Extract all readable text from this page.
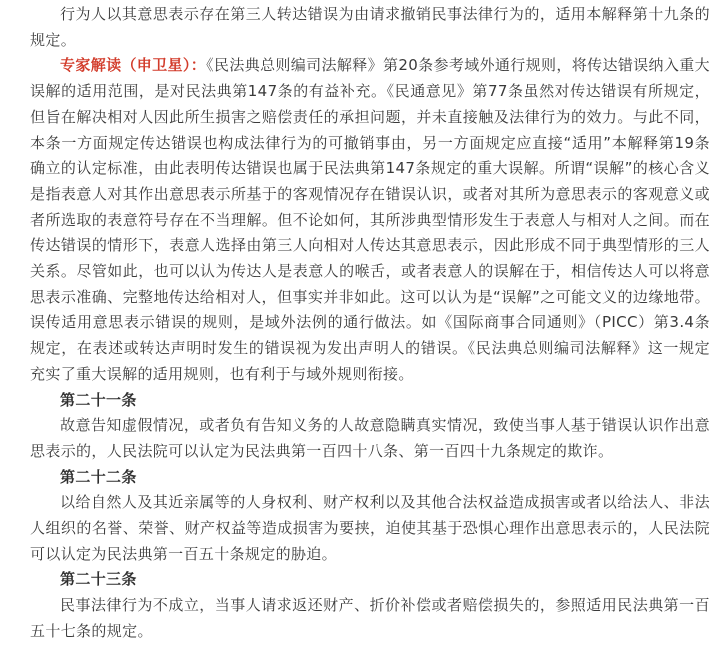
行为人以其意思表示存在第三人转达错误为由请求撤销民事法律行为的，适用本解释第十九条的规定。

专家解读（申卫星）：《民法典总则编司法解释》第20条参考域外通行规则，将传达错误纳入重大误解的适用范围，是对民法典第147条的有益补充。《民通意见》第77条虽然对传达错误有所规定，但旨在解决相对人因此所生损害之赔偿责任的承担问题，并未直接触及法律行为的效力。与此不同，本条一方面规定传达错误也构成法律行为的可撤销事由，另一方面规定应直接“适用”本解释第19条确立的认定标准，由此表明传达错误也属于民法典第147条规定的重大误解。所谓“误解”的核心含义是指表意人对其作出意思表示所基于的客观情况存在错误认识，或者对其所为意思表示的客观意义或者所选取的表意符号存在不当理解。但不论如何，其所涉典型情形发生于表意人与相对人之间。而在传达错误的情形下，表意人选择由第三人向相对人传达其意思表示，因此形成不同于典型情形的三人关系。尽管如此，也可以认为传达人是表意人的喉舌，或者表意人的误解在于，相信传达人可以将意思表示准确、完整地传达给相对人，但事实并非如此。这可以认为是“误解”之可能文义的边缘地带。误传适用意思表示错误的规则，是域外法例的通行做法。如《国际商事合同通则》（PICC）第3.4条规定，在表述或转达声明时发生的错误视为发出声明人的错误。《民法典总则编司法解释》这一规定充实了重大误解的适用规则，也有利于与域外规则衔接。

第二十一条

故意告知虚假情况，或者负有告知义务的人故意隐瞒真实情况，致使当事人基于错误认识作出意思表示的，人民法院可以认定为民法典第一百四十八条、第一百四十九条规定的欺诈。

第二十二条

以给自然人及其近亲属等的人身权利、财产权利以及其他合法权益造成损害或者以给法人、非法人组织的名誉、荣誉、财产权益等造成损害为要挟，迫使其基于恐惧心理作出意思表示的，人民法院可以认定为民法典第一百五十条规定的胁迫。

第二十三条

民事法律行为不成立，当事人请求返还财产、折价补偿或者赔偿损失的，参照适用民法典第一百五十七条的规定。
